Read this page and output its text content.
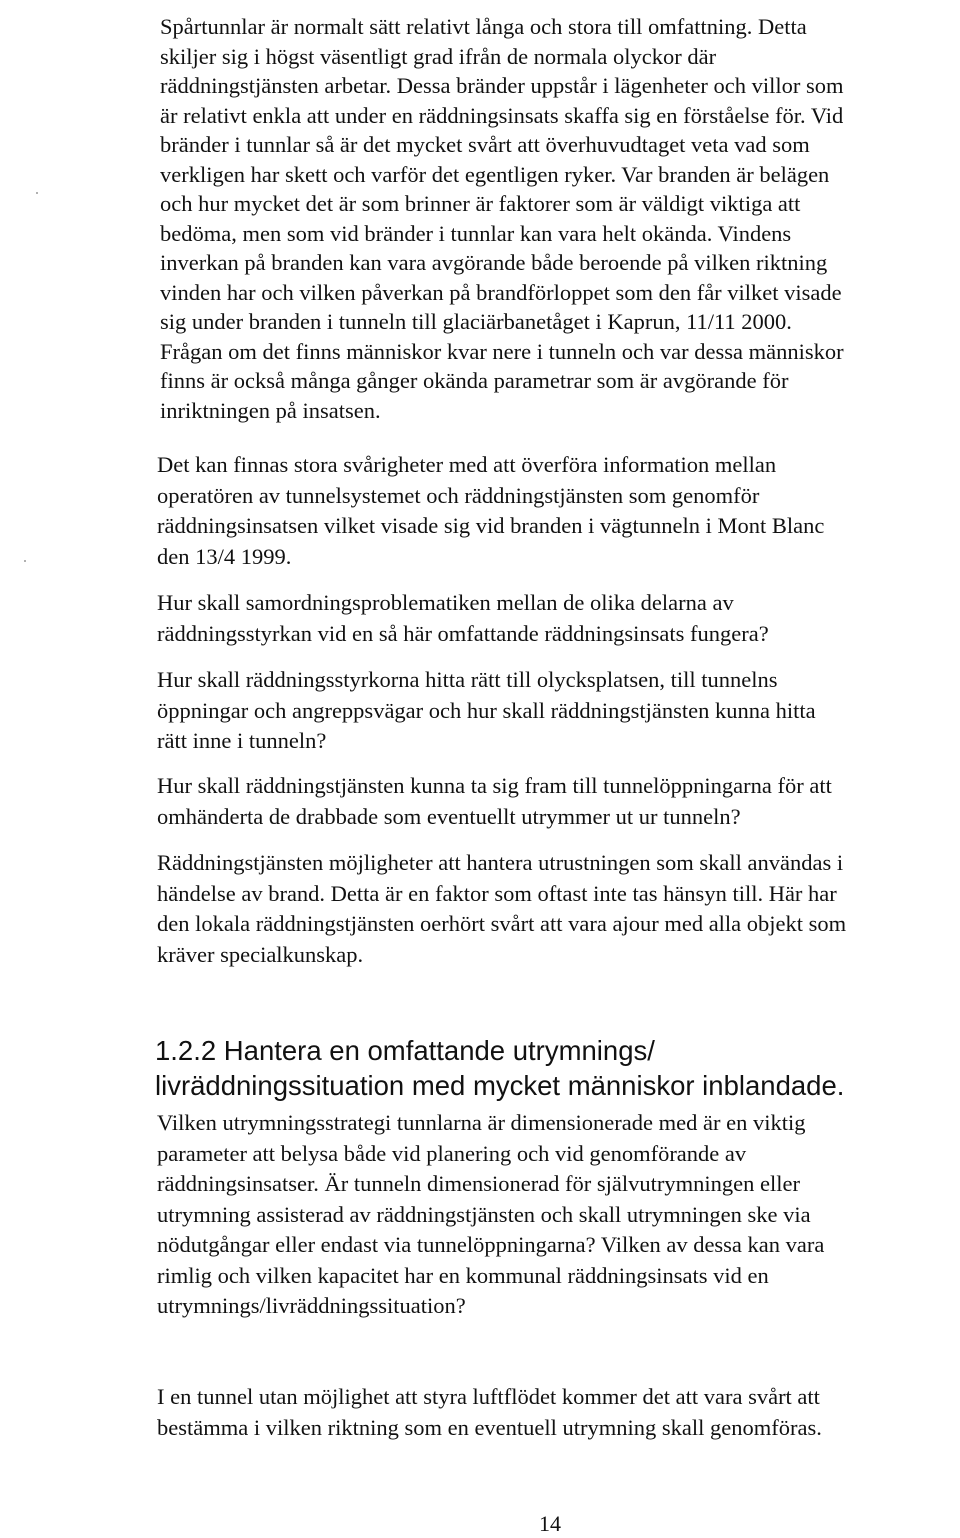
Spårtunnlar är normalt sätt relativt långa och stora till omfattning. Detta
skiljer sig i högst väsentligt grad ifrån de normala olyckor där
räddningstjänsten arbetar. Dessa bränder uppstår i lägenheter och villor som
är relativt enkla att under en räddningsinsats skaffa sig en förståelse för. Vid
bränder i tunnlar så är det mycket svårt att överhuvudtaget veta vad som
verkligen har skett och varför det egentligen ryker. Var branden är belägen
och hur mycket det är som brinner är faktorer som är väldigt viktiga att
bedöma, men som vid bränder i tunnlar kan vara helt okända. Vindens
inverkan på branden kan vara avgörande både beroende på vilken riktning
vinden har och vilken påverkan på brandförloppet som den får vilket visade
sig under branden i tunneln till glaciärbanetåget i Kaprun, 11/11 2000.
Frågan om det finns människor kvar nere i tunneln och var dessa människor
finns är också många gånger okända parametrar som är avgörande för
inriktningen på insatsen.

Det kan finnas stora svårigheter med att överföra information mellan
operatören av tunnelsystemet och räddningstjänsten som genomför
räddningsinsatsen vilket visade sig vid branden i vägtunneln i Mont Blanc
den 13/4 1999.

Hur skall samordningsproblematiken mellan de olika delarna av
räddningsstyrkan vid en så här omfattande räddningsinsats fungera?

Hur skall räddningsstyrkorna hitta rätt till olycksplatsen, till tunnelns
öppningar och angreppsvägar och hur skall räddningstjänsten kunna hitta
rätt inne i tunneln?

Hur skall räddningstjänsten kunna ta sig fram till tunnelöppningarna för att
omhänderta de drabbade som eventuellt utrymmer ut ur tunneln?

Räddningstjänsten möjligheter att hantera utrustningen som skall användas i
händelse av brand. Detta är en faktor som oftast inte tas hänsyn till. Här har
den lokala räddningstjänsten oerhört svårt att vara ajour med alla objekt som
kräver specialkunskap.

1.2.2 Hantera en omfattande utrymnings/
livräddningssituation med mycket människor inblandade.

Vilken utrymningsstrategi tunnlarna är dimensionerade med är en viktig
parameter att belysa både vid planering och vid genomförande av
räddningsinsatser. Är tunneln dimensionerad för självutrymningen eller
utrymning assisterad av räddningstjänsten och skall utrymningen ske via
nödutgångar eller endast via tunnelöppningarna? Vilken av dessa kan vara
rimlig och vilken kapacitet har en kommunal räddningsinsats vid en
utrymnings/livräddningssituation?

I en tunnel utan möjlighet att styra luftflödet kommer det att vara svårt att
bestämma i vilken riktning som en eventuell utrymning skall genomföras.

14
